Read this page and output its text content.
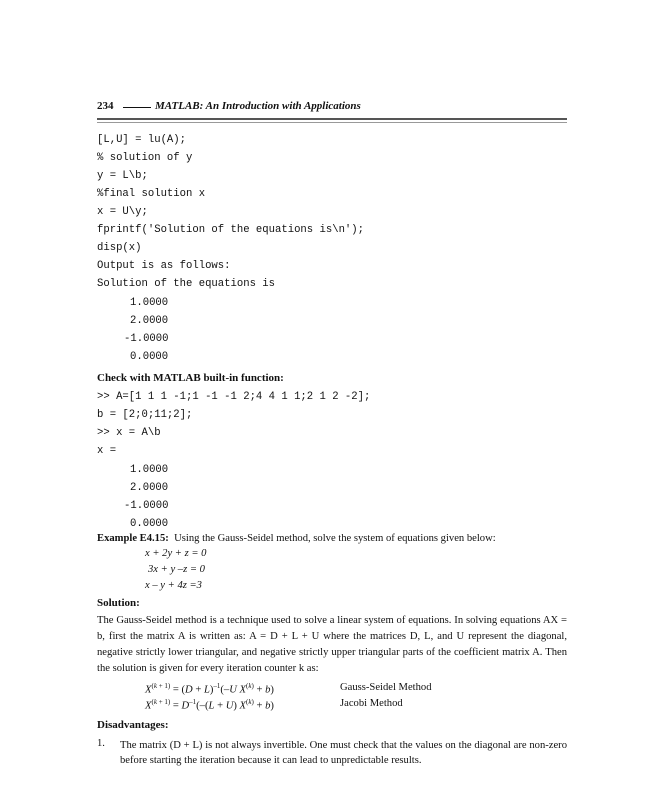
234	MATLAB: An Introduction with Applications
[L,U] = lu(A);
% solution of y
y = L\b;
%final solution x
x = U\y;
fprintf('Solution of the equations is\n');
disp(x)
Output is as follows:
Solution of the equations is
1.0000
2.0000
-1.0000
0.0000
Check with MATLAB built-in function:
>> A=[1 1 1 -1;1 -1 -1 2;4 4 1 1;2 1 2 -2];
b = [2;0;11;2];
>> x = A\b
x =
1.0000
2.0000
-1.0000
0.0000
Example E4.15: Using the Gauss-Seidel method, solve the system of equations given below:
x + 2y + z = 0
3x + y –z = 0
x – y + 4z =3
Solution:
The Gauss-Seidel method is a technique used to solve a linear system of equations. In solving equations AX = b, first the matrix A is written as: A = D + L + U where the matrices D, L, and U represent the diagonal, negative strictly lower triangular, and negative strictly upper triangular parts of the coefficient matrix A. Then the solution is given for every iteration counter k as:
$X^{(k + 1)} = (D + L)^{-1}(-U$ $X^{(k)} + b$)	Gauss-Seidel Method
$X^{(k + 1)} = D^{-1}(-(L + U) X^{(k)} + b)$	Jacobi Method
Disadvantages:
1. The matrix (D + L) is not always invertible. One must check that the values on the diagonal are non-zero before starting the iteration because it can lead to unpredictable results.
